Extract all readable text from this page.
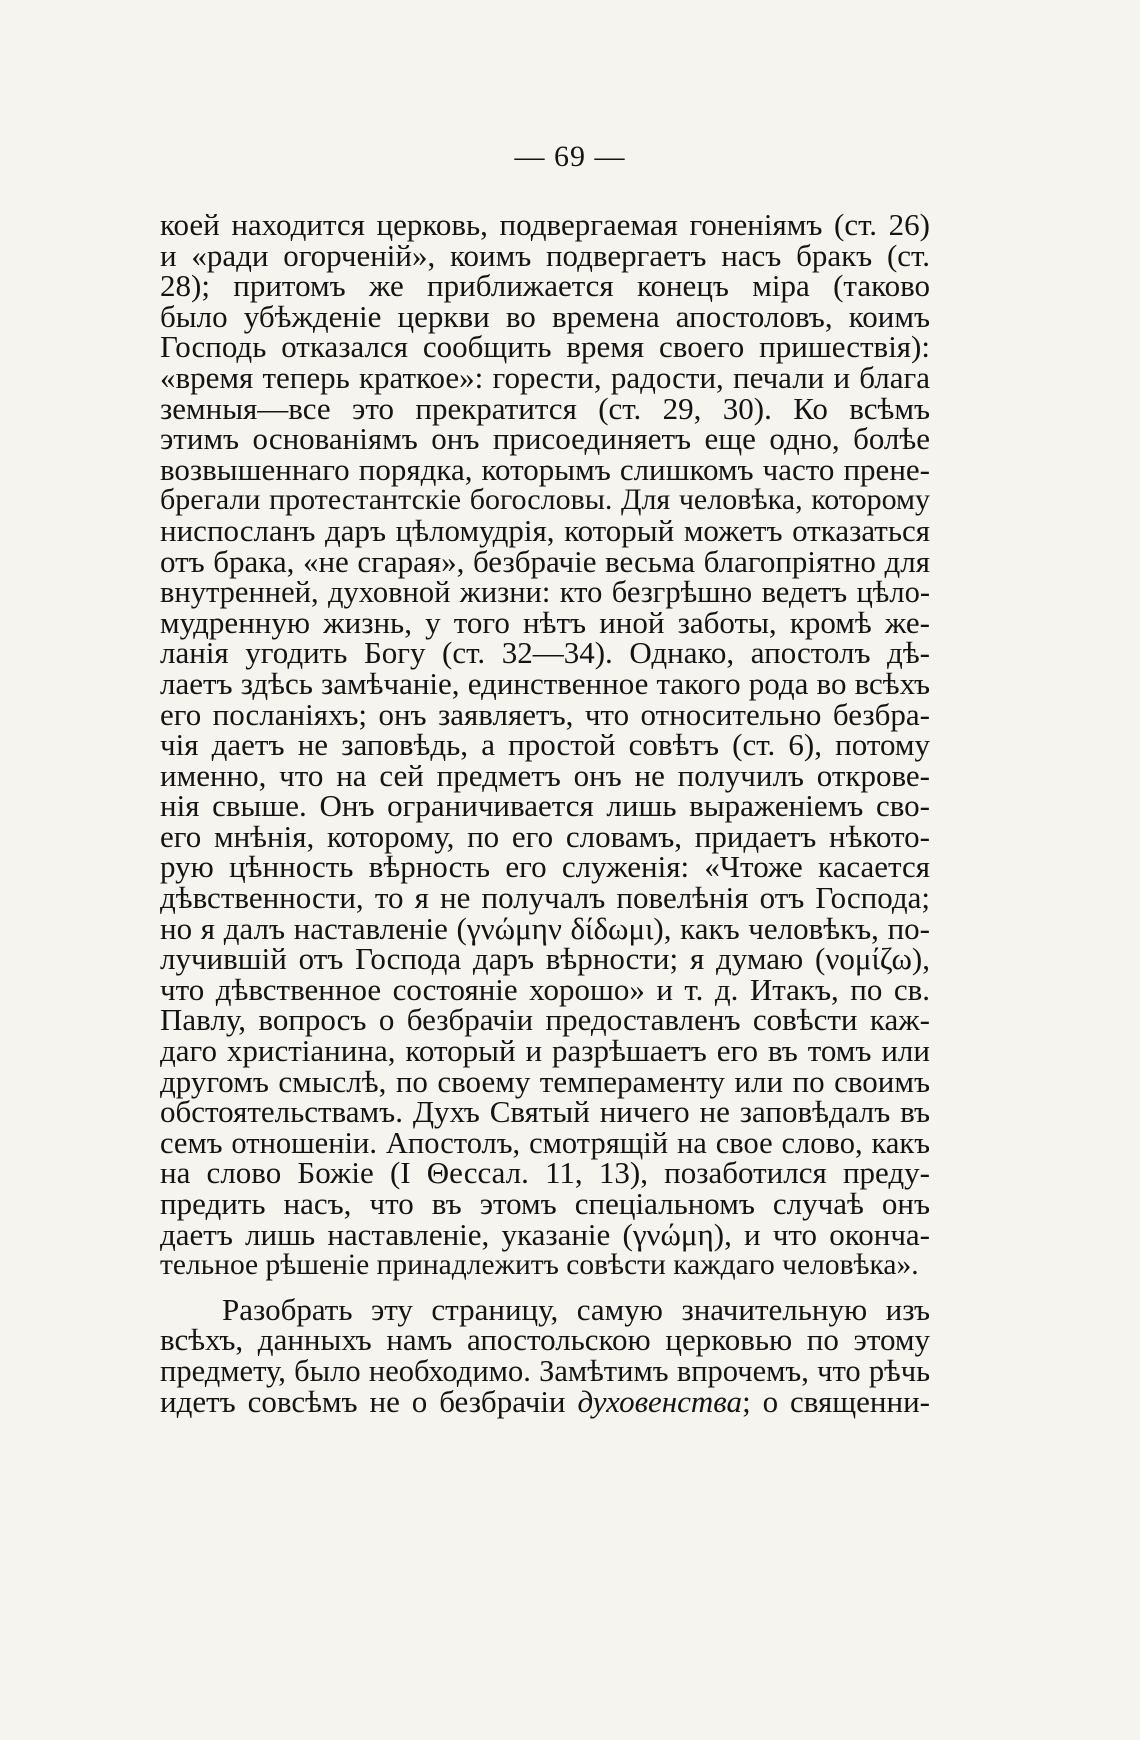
— 69 —
коей находится церковь, подвергаемая гоненіямъ (ст. 26)
и «ради огорченій», коимъ подвергаетъ насъ бракъ (ст.
28); притомъ же приближается конецъ міра (таково
было убѣжденіе церкви во времена апостоловъ, коимъ
Господь отказался сообщить время своего пришествія):
«время теперь краткое»: горести, радости, печали и блага
земныя—все это прекратится (ст. 29, 30). Ко всѣмъ
этимъ основаніямъ онъ присоединяетъ еще одно, болѣе
возвышеннаго порядка, которымъ слишкомъ часто прене-
брегали протестантскіе богословы. Для человѣка, которому
ниспосланъ даръ цѣломудрія, который можетъ отказаться
отъ брака, «не сгарая», безбрачіе весьма благопріятно для
внутренней, духовной жизни: кто безгрѣшно ведетъ цѣло-
мудренную жизнь, у того нѣтъ иной заботы, кромѣ же-
ланія угодить Богу (ст. 32—34). Однако, апостолъ дѣ-
лаетъ здѣсь замѣчаніе, единственное такого рода во всѣхъ
его посланіяхъ; онъ заявляетъ, что относительно безбра-
чія даетъ не заповѣдь, а простой совѣтъ (ст. 6), потому
именно, что на сей предметъ онъ не получилъ открове-
нія свыше. Онъ ограничивается лишь выраженіемъ сво-
его мнѣнія, которому, по его словамъ, придаетъ нѣкото-
рую цѣнность вѣрность его служенія: «Чтоже касается
дѣвственности, то я не получалъ повелѣнія отъ Господа;
но я далъ наставленіе (γνώμην δίδωμι), какъ человѣкъ, по-
лучившій отъ Господа даръ вѣрности; я думаю (νομίζω),
что дѣвственное состояніе хорошо» и т. д. Итакъ, по св.
Павлу, вопросъ о безбрачіи предоставленъ совѣсти каж-
даго христіанина, который и разрѣшаетъ его въ томъ или
другомъ смыслѣ, по своему темпераменту или по своимъ
обстоятельствамъ. Духъ Святый ничего не заповѣдалъ въ
семъ отношеніи. Апостолъ, смотрящій на свое слово, какъ
на слово Божіе (I Θессал. 11, 13), позаботился преду-
предить насъ, что въ этомъ спеціальномъ случаѣ онъ
даетъ лишь наставленіе, указаніе (γνώμη), и что оконча-
тельное рѣшеніе принадлежитъ совѣсти каждаго человѣка».
Разобрать эту страницу, самую значительную изъ
всѣхъ, данныхъ намъ апостольскою церковью по этому
предмету, было необходимо. Замѣтимъ впрочемъ, что рѣчь
идетъ совсѣмъ не о безбрачіи духовенства; о священни-
